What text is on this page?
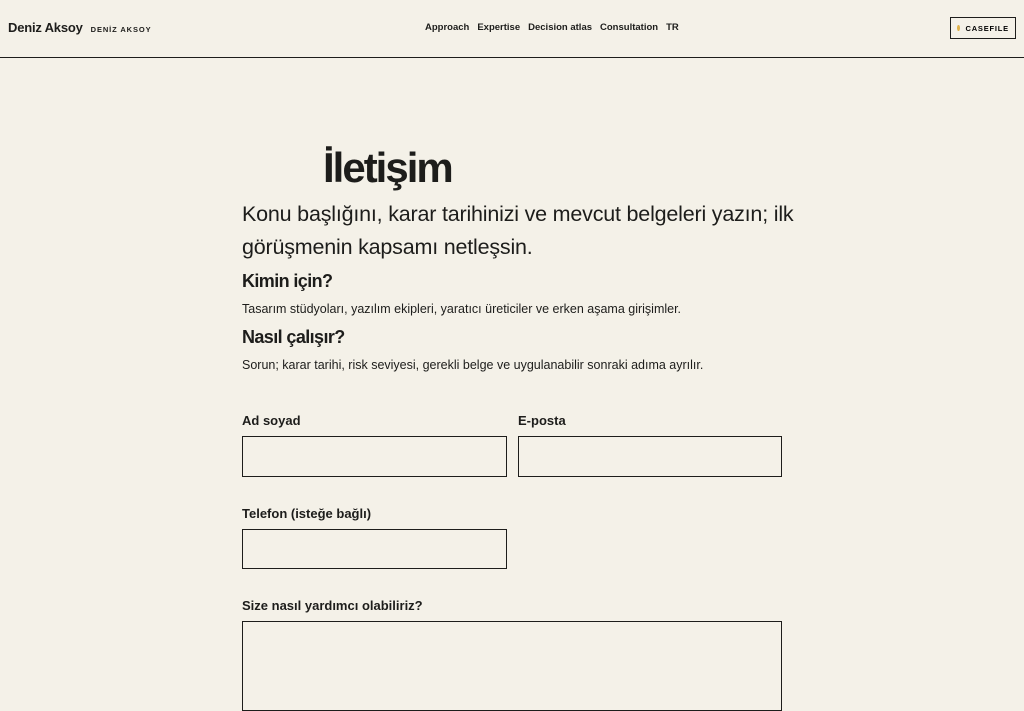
Deniz Aksoy DENİZ AKSOY	Approach Expertise Decision atlas Consultation TR	CASEFILE
İletişim

Konu başlığını, karar tarihinizi ve mevcut belgeleri yazın; ilk görüşmenin kapsamı netleşsin.

Kimin için?

Tasarım stüdyoları, yazılım ekipleri, yaratıcı üreticiler ve erken aşama girişimler.

Nasıl çalışır?

Sorun; karar tarihi, risk seviyesi, gerekli belge ve uygulanabilir sonraki adıma ayrılır.

Ad soyad	E-posta
Telefon (isteğe bağlı)
Size nasıl yardımcı olabiliriz?
